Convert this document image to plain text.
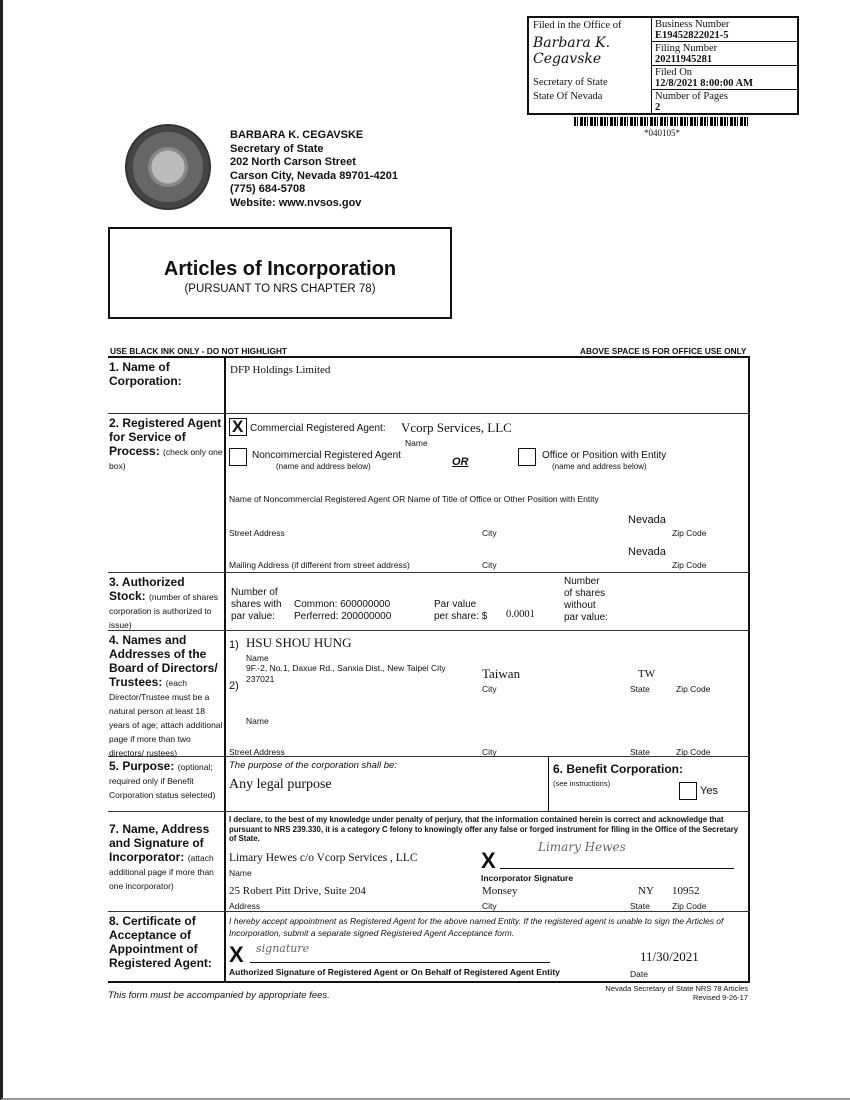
Filed in the Office of
Barbara K. Cegavske
Secretary of State
State Of Nevada
Business Number
E19452822021-5
Filing Number
20211945281
Filed On
12/8/2021 8:00:00 AM
Number of Pages
2
*040105*
BARBARA K. CEGAVSKE
Secretary of State
202 North Carson Street
Carson City, Nevada 89701-4201
(775) 684-5708
Website: www.nvsos.gov
Articles of Incorporation
(PURSUANT TO NRS CHAPTER 78)
USE BLACK INK ONLY - DO NOT HIGHLIGHT	ABOVE SPACE IS FOR OFFICE USE ONLY
1. Name of Corporation:
DFP Holdings Limited
2. Registered Agent for Service of Process: (check only one box)
X
Commercial Registered Agent: Vcorp Services, LLC
Name
Noncommercial Registered Agent
(name and address below)	OR
Office or Position with Entity
(name and address below)
Name of Noncommercial Registered Agent OR Name of Title of Office or Other Position with Entity
Nevada
Street Address	City	Zip Code
Nevada
Mailing Address (if different from street address)	City	Zip Code
3. Authorized Stock: (number of shares corporation is authorized to issue)
Number of
shares with
par value:
Common: 600000000
Perferred: 200000000
Par value
per share: $ 0.0001
Number
of shares
without
par value:
4. Names and Addresses of the Board of Directors/ Trustees: (each Director/Trustee must be a natural person at least 18 years of age; attach additional page if more than two directors/ rustees)
1) HSU SHOU HUNG
Name
9F.-2, No.1, Daxue Rd., Sanxia Dist., New Taipei City
237021
2)
Taiwan
City
TW
State	Zip Code
Name
Street Address	City	State	Zip Code
5. Purpose: (optional; required only if Benefit Corporation status selected)
The purpose of the corporation shall be:
Any legal purpose
6. Benefit Corporation:
(see instructions)
Yes
7. Name, Address and Signature of Incorporator: (attach additional page if more than one incorporator)
I declare, to the best of my knowledge under penalty of perjury, that the information contained herein is correct and acknowledge that pursuant to NRS 239.330, it is a category C felony to knowingly offer any false or forged instrument for filing in the Office of the Secretary of State.
Limary Hewes c/o Vcorp Services , LLC
Name	X
Limary Hewes
Incorporator Signature
25 Robert Pitt Drive, Suite 204
Address
Monsey
City
NY
State
10952
Zip Code
8. Certificate of Acceptance of Appointment of Registered Agent:
I hereby accept appointment as Registered Agent for the above named Entity. If the registered agent is unable to sign the Articles of Incorporation, submit a separate signed Registered Agent Acceptance form.
X signature
Authorized Signature of Registered Agent or On Behalf of Registered Agent Entity
11/30/2021
Date
This form must be accompanied by appropriate fees.
Nevada Secretary of State NRS 78 Articles
Revised 9-26-17
